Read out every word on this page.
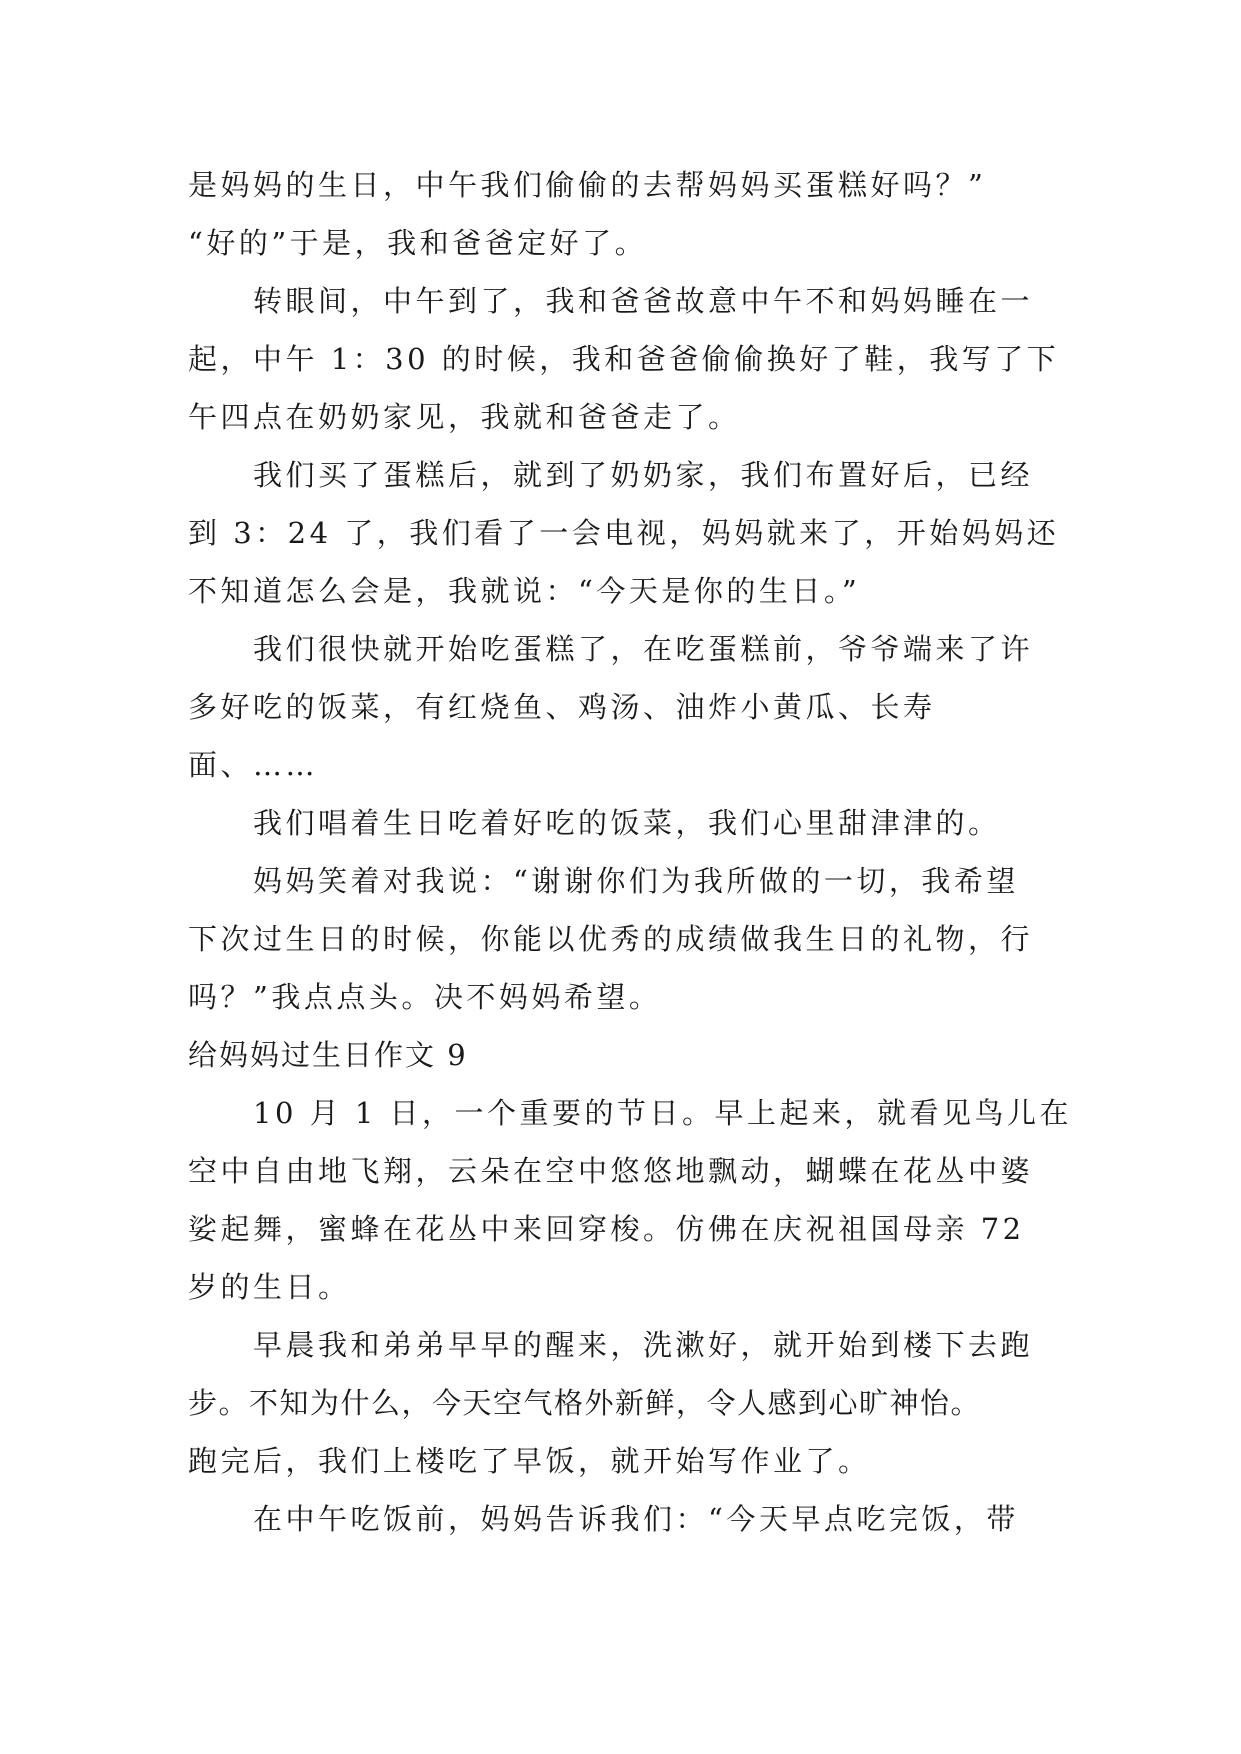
是妈妈的生日，中午我们偷偷的去帮妈妈买蛋糕好吗？”
“好的”于是，我和爸爸定好了。

转眼间，中午到了，我和爸爸故意中午不和妈妈睡在一
起，中午 1：30 的时候，我和爸爸偷偷换好了鞋，我写了下
午四点在奶奶家见，我就和爸爸走了。

我们买了蛋糕后，就到了奶奶家，我们布置好后，已经
到 3：24 了，我们看了一会电视，妈妈就来了，开始妈妈还
不知道怎么会是，我就说：“今天是你的生日。”

我们很快就开始吃蛋糕了，在吃蛋糕前，爷爷端来了许
多好吃的饭菜，有红烧鱼、鸡汤、油炸小黄瓜、长寿
面、……

我们唱着生日吃着好吃的饭菜，我们心里甜津津的。

妈妈笑着对我说：“谢谢你们为我所做的一切，我希望
下次过生日的时候，你能以优秀的成绩做我生日的礼物，行
吗？”我点点头。决不妈妈希望。

给妈妈过生日作文 9

10 月 1 日，一个重要的节日。早上起来，就看见鸟儿在
空中自由地飞翔，云朵在空中悠悠地飘动，蝴蝶在花丛中婆
娑起舞，蜜蜂在花丛中来回穿梭。仿佛在庆祝祖国母亲 72
岁的生日。

早晨我和弟弟早早的醒来，洗漱好，就开始到楼下去跑
步。不知为什么，今天空气格外新鲜，令人感到心旷神怡。
跑完后，我们上楼吃了早饭，就开始写作业了。

在中午吃饭前，妈妈告诉我们：“今天早点吃完饭，带
